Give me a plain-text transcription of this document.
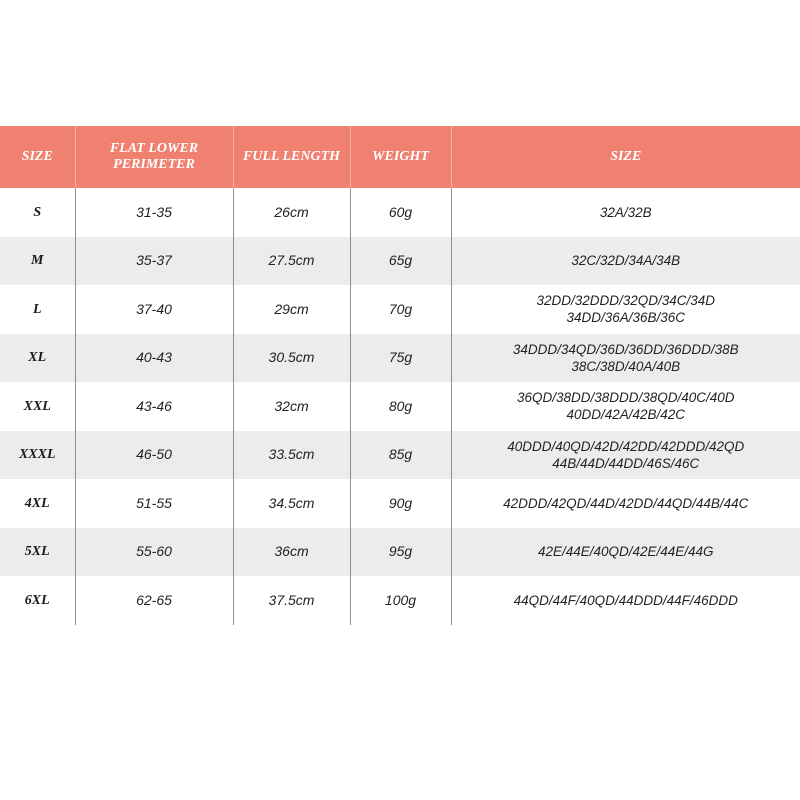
SIZE	FLAT LOWER PERIMETER	FULL LENGTH	WEIGHT	SIZE
S	31-35	26cm	60g	32A/32B

M	35-37	27.5cm	65g	32C/32D/34A/34B

L	37-40	29cm	70g	32DD/32DDD/32QD/34C/34D
34DD/36A/36B/36C

XL	40-43	30.5cm	75g	34DDD/34QD/36D/36DD/36DDD/38B
38C/38D/40A/40B

XXL	43-46	32cm	80g	36QD/38DD/38DDD/38QD/40C/40D
40DD/42A/42B/42C

XXXL	46-50	33.5cm	85g	40DDD/40QD/42D/42DD/42DDD/42QD
44B/44D/44DD/46S/46C

4XL	51-55	34.5cm	90g	42DDD/42QD/44D/42DD/44QD/44B/44C

5XL	55-60	36cm	95g	42E/44E/40QD/42E/44E/44G

6XL	62-65	37.5cm	100g	44QD/44F/40QD/44DDD/44F/46DDD
